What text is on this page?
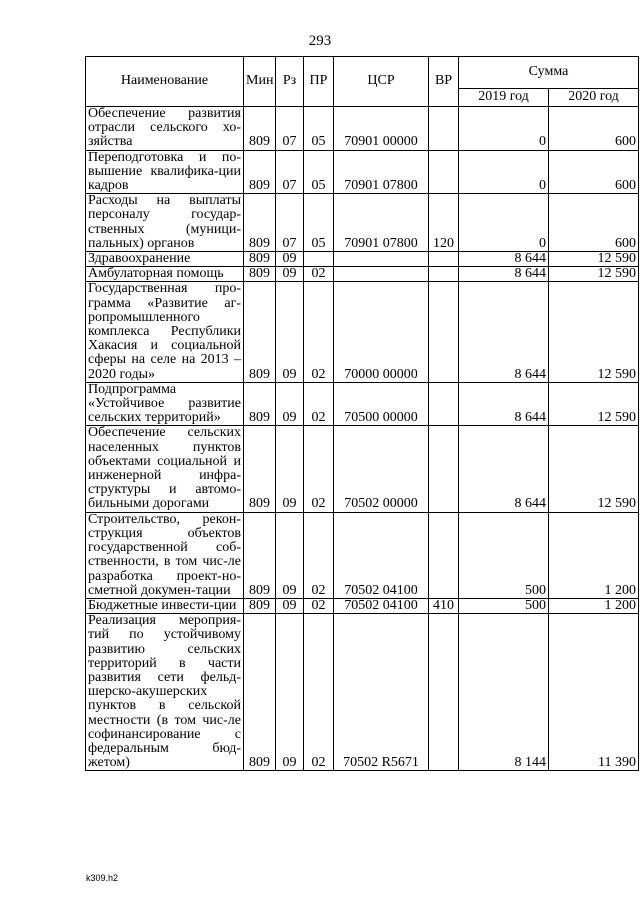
293
Наименование	Мин	Рз	ПР	ЦСР	ВР	Сумма	
						2019 год	2020 год
Обеспечение развития отрасли сельского хо-зяйства	809	07	05	70901 00000		0	600
Переподготовка и по-вышение квалифика-ции кадров	809	07	05	70901 07800		0	600
Расходы на выплаты персоналу государ-ственных (муници-пальных) органов	809	07	05	70901 07800	120	0	600
Здравоохранение	809	09				8 644	12 590
Амбулаторная помощь	809	09	02			8 644	12 590
Государственная про-грамма «Развитие аг-ропромышленного комплекса Республики Хакасия и социальной сферы на селе на 2013 – 2020 годы»	809	09	02	70000 00000		8 644	12 590
Подпрограмма «Устойчивое развитие сельских территорий»	809	09	02	70500 00000		8 644	12 590
Обеспечение сельских населенных пунктов объектами социальной и инженерной инфра-структуры и автомо-бильными дорогами	809	09	02	70502 00000		8 644	12 590
Строительство, рекон-струкция объектов государственной соб-ственности, в том чис-ле разработка проект-но-сметной докумен-тации	809	09	02	70502 04100		500	1 200
Бюджетные инвести-ции	809	09	02	70502 04100	410	500	1 200
Реализация мероприя-тий по устойчивому развитию сельских территорий в части развития сети фельд-шерско-акушерских пунктов в сельской местности (в том чис-ле софинансирование с федеральным бюд-жетом)	809	09	02	70502 R5671		8 144	11 390
k309.h2
